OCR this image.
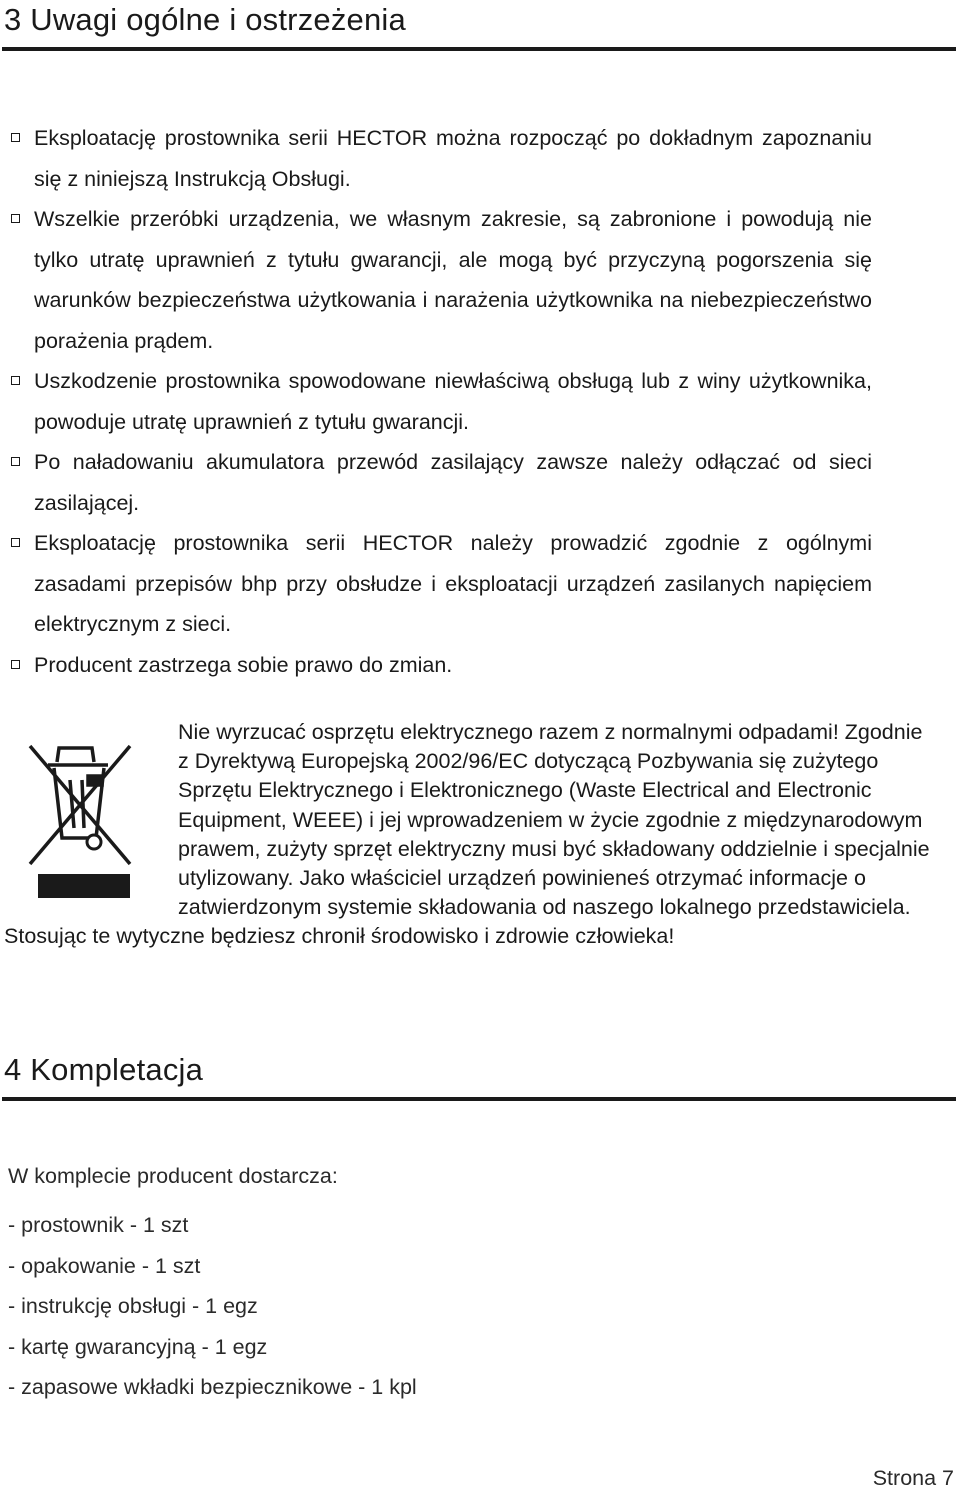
3 Uwagi ogólne i ostrzeżenia
Eksploatację prostownika serii HECTOR można rozpocząć po dokładnym zapoznaniu się z niniejszą Instrukcją Obsługi.
Wszelkie przeróbki urządzenia, we własnym zakresie, są zabronione i powodują nie tylko utratę uprawnień z tytułu gwarancji, ale mogą być przyczyną pogorszenia się warunków bezpieczeństwa użytkowania i narażenia użytkownika na niebezpieczeństwo porażenia prądem.
Uszkodzenie prostownika spowodowane niewłaściwą obsługą lub z winy użytkownika, powoduje utratę uprawnień z tytułu gwarancji.
Po naładowaniu akumulatora przewód zasilający zawsze należy odłączać od sieci zasilającej.
Eksploatację prostownika serii HECTOR należy prowadzić zgodnie z ogólnymi zasadami przepisów bhp przy obsłudze i eksploatacji urządzeń zasilanych napięciem elektrycznym z sieci.
Producent zastrzega sobie prawo do zmian.

Nie wyrzucać osprzętu elektrycznego razem z normalnymi odpadami! Zgodnie z Dyrektywą Europejską 2002/96/EC dotyczącą Pozbywania się zużytego Sprzętu Elektrycznego i Elektronicznego (Waste Electrical and Electronic Equipment, WEEE) i jej wprowadzeniem w życie zgodnie z międzynarodowym prawem, zużyty sprzęt elektryczny musi być składowany oddzielnie i specjalnie utylizowany. Jako właściciel urządzeń powinieneś otrzymać informacje o zatwierdzonym systemie składowania od naszego lokalnego przedstawiciela. Stosując te wytyczne będziesz chronił środowisko i zdrowie człowieka!

4 Kompletacja

W komplecie producent dostarcza:

- prostownik - 1 szt
- opakowanie - 1 szt
- instrukcję obsługi - 1 egz
- kartę gwarancyjną - 1 egz
- zapasowe wkładki bezpiecznikowe - 1 kpl
Strona 7
